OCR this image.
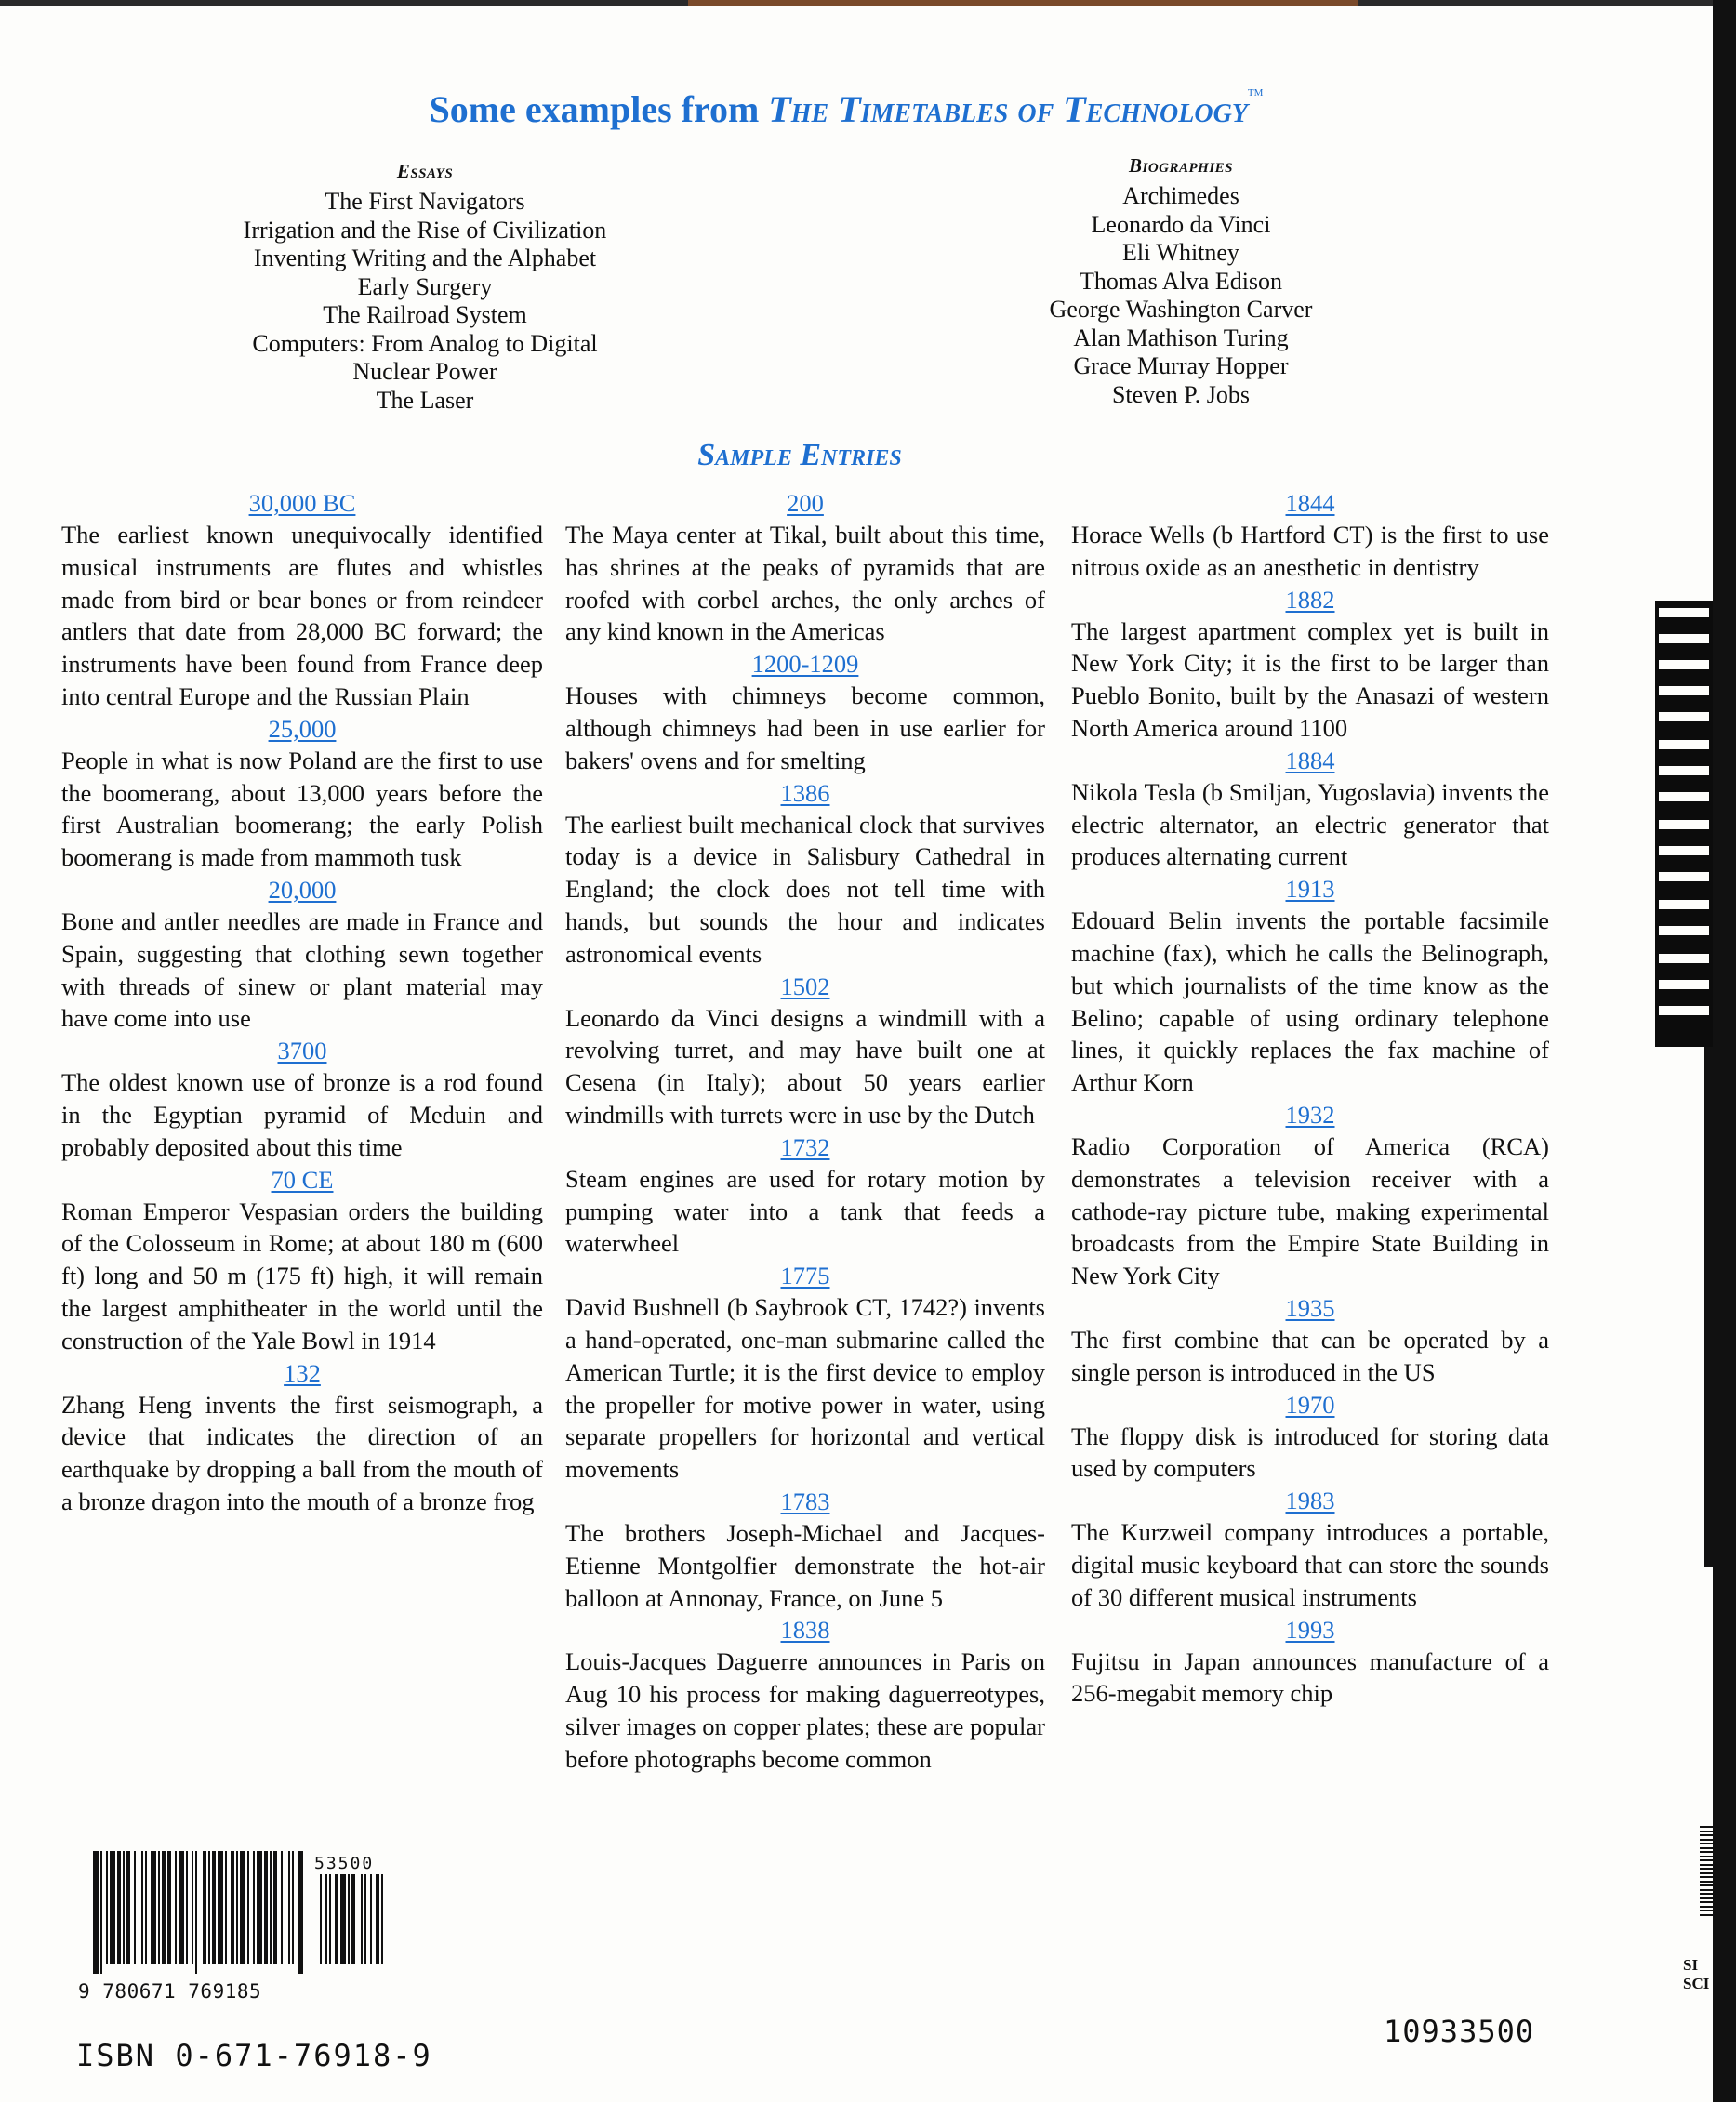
Some examples from The Timetables of Technology™
Essays
The First Navigators
Irrigation and the Rise of Civilization
Inventing Writing and the Alphabet
Early Surgery
The Railroad System
Computers: From Analog to Digital
Nuclear Power
The Laser
Biographies
Archimedes
Leonardo da Vinci
Eli Whitney
Thomas Alva Edison
George Washington Carver
Alan Mathison Turing
Grace Murray Hopper
Steven P. Jobs
Sample Entries
30,000 BC
The earliest known unequivocally identified musical instruments are flutes and whistles made from bird or bear bones or from reindeer antlers that date from 28,000 BC forward; the instruments have been found from France deep into central Europe and the Russian Plain
25,000
People in what is now Poland are the first to use the boomerang, about 13,000 years before the first Australian boomerang; the early Polish boomerang is made from mammoth tusk
20,000
Bone and antler needles are made in France and Spain, suggesting that clothing sewn together with threads of sinew or plant material may have come into use
3700
The oldest known use of bronze is a rod found in the Egyptian pyramid of Meduin and probably deposited about this time
70 CE
Roman Emperor Vespasian orders the building of the Colosseum in Rome; at about 180 m (600 ft) long and 50 m (175 ft) high, it will remain the largest amphitheater in the world until the construction of the Yale Bowl in 1914
132
Zhang Heng invents the first seismograph, a device that indicates the direction of an earthquake by dropping a ball from the mouth of a bronze dragon into the mouth of a bronze frog
200
The Maya center at Tikal, built about this time, has shrines at the peaks of pyramids that are roofed with corbel arches, the only arches of any kind known in the Americas
1200-1209
Houses with chimneys become common, although chimneys had been in use earlier for bakers' ovens and for smelting
1386
The earliest built mechanical clock that survives today is a device in Salisbury Cathedral in England; the clock does not tell time with hands, but sounds the hour and indicates astronomical events
1502
Leonardo da Vinci designs a windmill with a revolving turret, and may have built one at Cesena (in Italy); about 50 years earlier windmills with turrets were in use by the Dutch
1732
Steam engines are used for rotary motion by pumping water into a tank that feeds a waterwheel
1775
David Bushnell (b Saybrook CT, 1742?) invents a hand-operated, one-man submarine called the American Turtle; it is the first device to employ the propeller for motive power in water, using separate propellers for horizontal and vertical movements
1783
The brothers Joseph-Michael and Jacques-Etienne Montgolfier demonstrate the hot-air balloon at Annonay, France, on June 5
1838
Louis-Jacques Daguerre announces in Paris on Aug 10 his process for making daguerreotypes, silver images on copper plates; these are popular before photographs become common
1844
Horace Wells (b Hartford CT) is the first to use nitrous oxide as an anesthetic in dentistry
1882
The largest apartment complex yet is built in New York City; it is the first to be larger than Pueblo Bonito, built by the Anasazi of western North America around 1100
1884
Nikola Tesla (b Smiljan, Yugoslavia) invents the electric alternator, an electric generator that produces alternating current
1913
Edouard Belin invents the portable facsimile machine (fax), which he calls the Belinograph, but which journalists of the time know as the Belino; capable of using ordinary telephone lines, it quickly replaces the fax machine of Arthur Korn
1932
Radio Corporation of America (RCA) demonstrates a television receiver with a cathode-ray picture tube, making experimental broadcasts from the Empire State Building in New York City
1935
The first combine that can be operated by a single person is introduced in the US
1970
The floppy disk is introduced for storing data used by computers
1983
The Kurzweil company introduces a portable, digital music keyboard that can store the sounds of 30 different musical instruments
1993
Fujitsu in Japan announces manufacture of a 256-megabit memory chip
SI
SCI
53500
9 780671 769185
ISBN 0-671-76918-9
10933500
